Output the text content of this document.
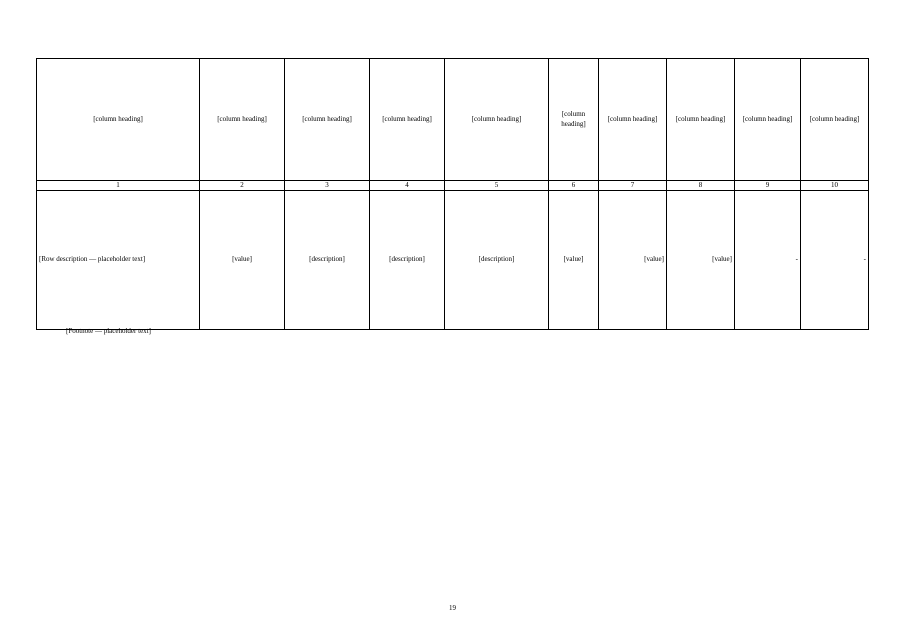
[column heading]	[column heading]	[column heading]	[column heading]	[column heading]	[column heading]	[column heading]	[column heading]	[column heading]	[column heading]
1	2	3	4	5	6	7	8	9	10
[Row description — placeholder text]	[value]	[description]	[description]	[description]	[value]	[value]	[value]	-	-
[Footnote — placeholder text]
19
